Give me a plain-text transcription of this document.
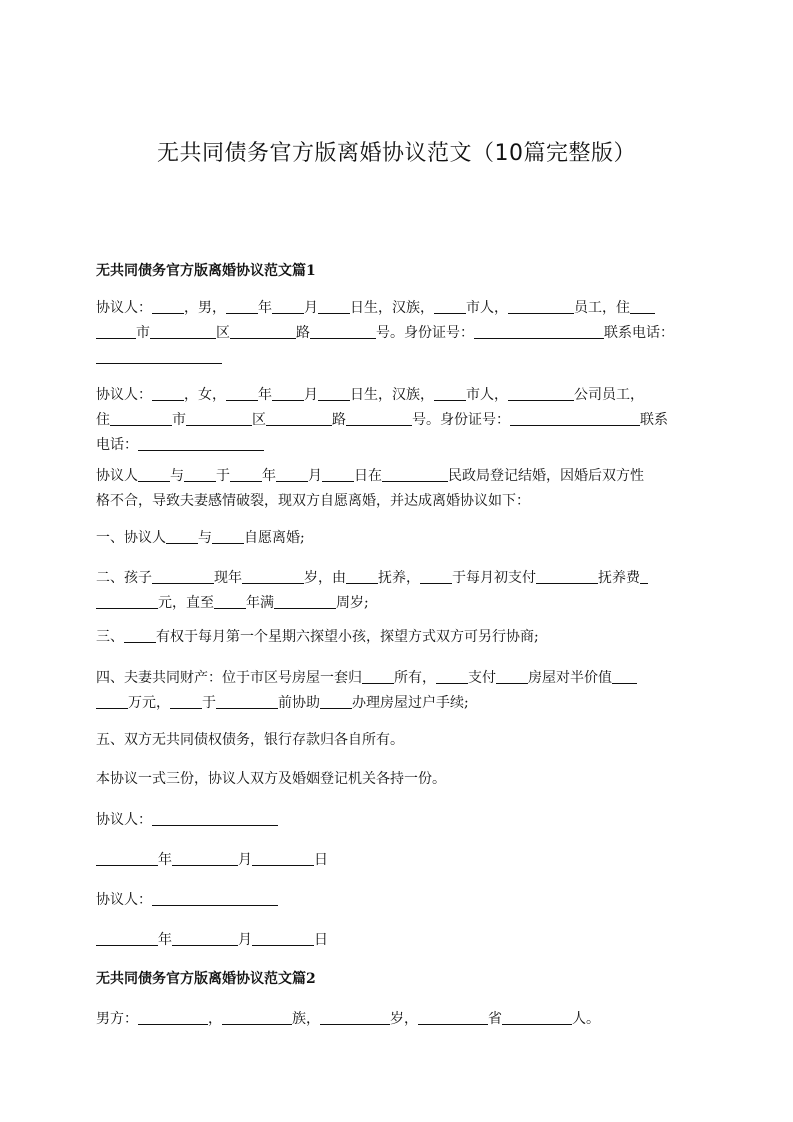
无共同债务官方版离婚协议范文（10篇完整版）
无共同债务官方版离婚协议范文篇1
协议人： ，男， 年 月 日生，汉族， 市人，	员工，住
市	区	路	号。身份证号：	联系电话：

协议人： ，女， 年 月 日生，汉族， 市人，	公司员工，
住	市	区	路	号。身份证号：	联系
电话：
协议人 与 于 年 月 日在	民政局登记结婚，因婚后双方性
格不合，导致夫妻感情破裂，现双方自愿离婚，并达成离婚协议如下：
一、协议人 与 自愿离婚;
二、孩子	现年	岁，由 抚养， 于每月初支付	抚养费
元，直至 年满	周岁;
三、 有权于每月第一个星期六探望小孩，探望方式双方可另行协商;
四、夫妻共同财产：位于市区号房屋一套归 所有， 支付 房屋对半价值
万元， 于	前协助 办理房屋过户手续;
五、双方无共同债权债务，银行存款归各自所有。
本协议一式三份，协议人双方及婚姻登记机关各持一份。
协议人：
年	月	日
协议人：
年	月	日
无共同债务官方版离婚协议范文篇2
男方：	，	族，	岁，	省	人。
